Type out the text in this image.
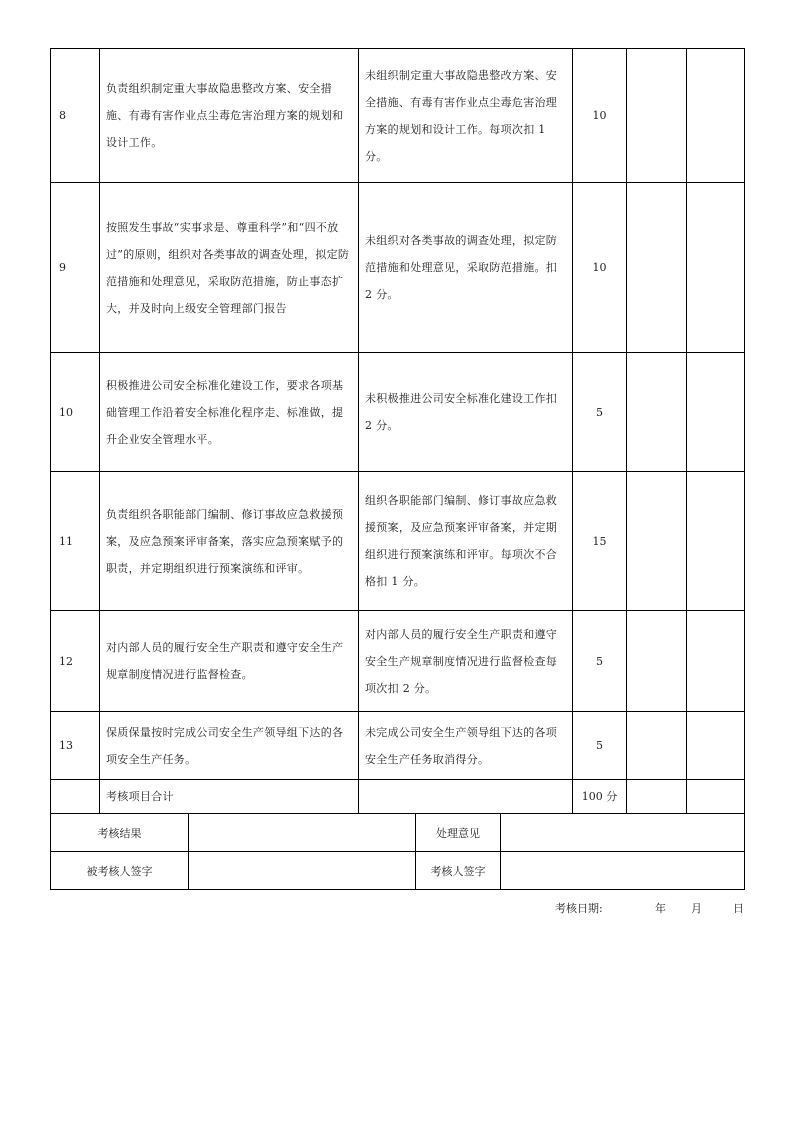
8	负责组织制定重大事故隐患整改方案、安全措施、有毒有害作业点尘毒危害治理方案的规划和设计工作。	未组织制定重大事故隐患整改方案、安全措施、有毒有害作业点尘毒危害治理方案的规划和设计工作。每项次扣 1 分。	10		
9	按照发生事故“实事求是、尊重科学”和“四不放过”的原则，组织对各类事故的调查处理，拟定防范措施和处理意见，采取防范措施，防止事态扩大，并及时向上级安全管理部门报告	未组织对各类事故的调查处理，拟定防范措施和处理意见，采取防范措施。扣 2 分。	10		
10	积极推进公司安全标准化建设工作，要求各项基础管理工作沿着安全标准化程序走、标准做，提升企业安全管理水平。	未积极推进公司安全标准化建设工作扣 2 分。	5		
11	负责组织各职能部门编制、修订事故应急救援预案，及应急预案评审备案，落实应急预案赋予的职责，并定期组织进行预案演练和评审。	组织各职能部门编制、修订事故应急救援预案，及应急预案评审备案，并定期组织进行预案演练和评审。每项次不合格扣 1 分。	15		
12	对内部人员的履行安全生产职责和遵守安全生产规章制度情况进行监督检查。	对内部人员的履行安全生产职责和遵守安全生产规章制度情况进行监督检查每项次扣 2 分。	5		
13	保质保量按时完成公司安全生产领导组下达的各项安全生产任务。	未完成公司安全生产领导组下达的各项安全生产任务取消得分。	5		
	考核项目合计		100 分		
考核结果		处理意见	
被考核人签字		考核人签字	
考核日期:	年 月	日
